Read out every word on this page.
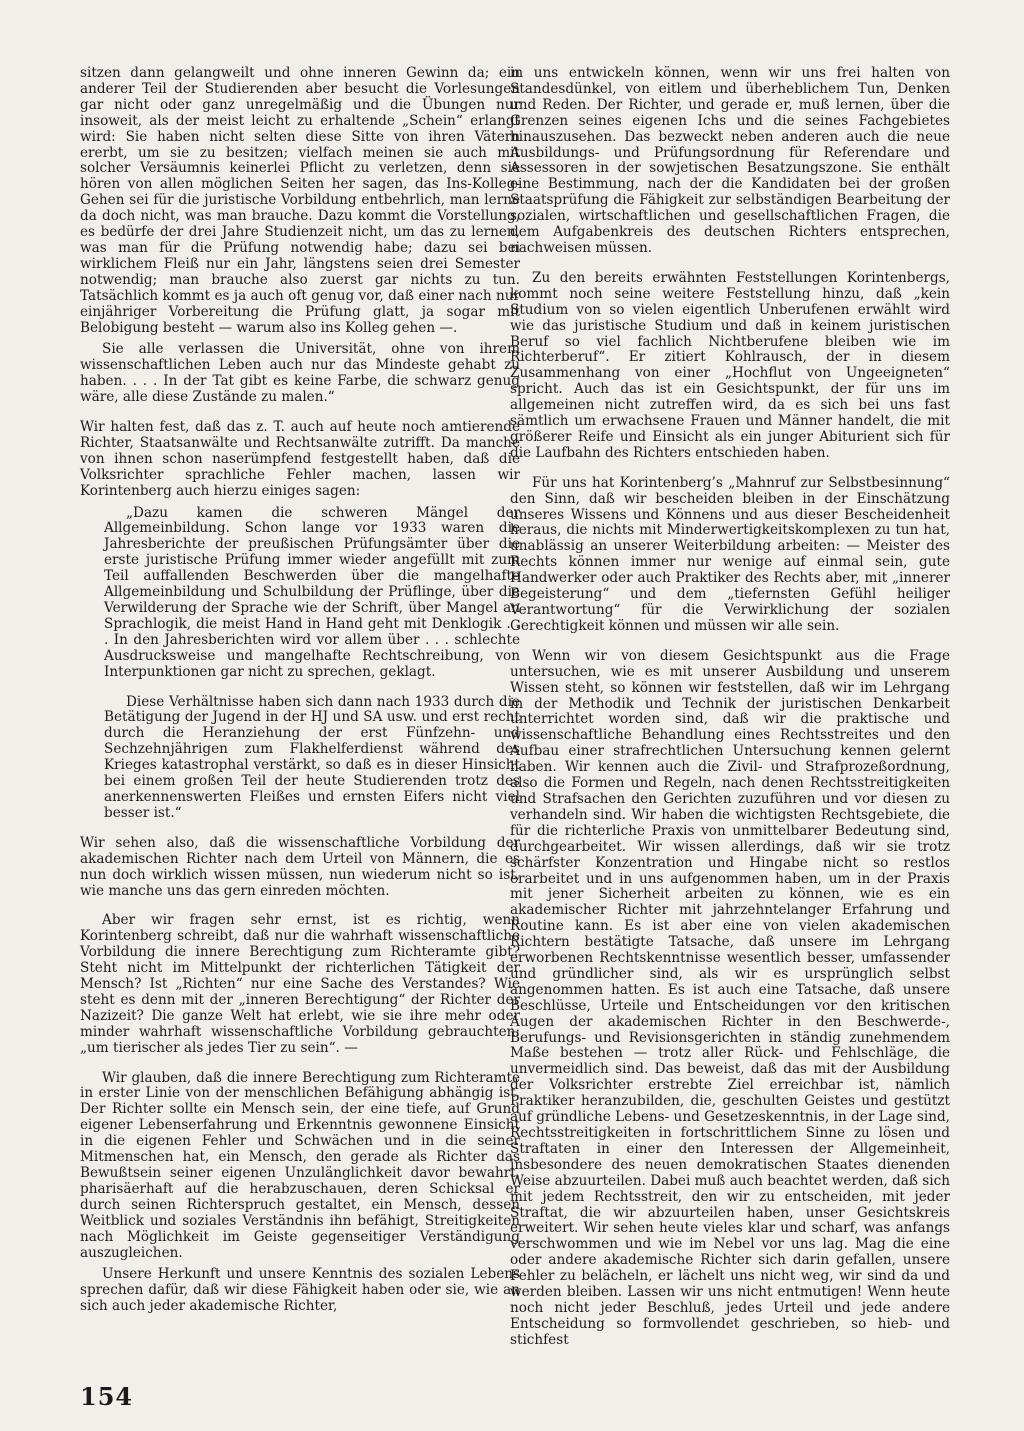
sitzen dann gelangweilt und ohne inneren Gewinn da; ein anderer Teil der Studierenden aber besucht die Vorlesungen gar nicht oder ganz unregelmäßig und die Übungen nur insoweit, als der meist leicht zu erhaltende „Schein“ erlangt wird: Sie haben nicht selten diese Sitte von ihren Vätern ererbt, um sie zu besitzen; vielfach meinen sie auch mit solcher Versäumnis keinerlei Pflicht zu verletzen, denn sie hören von allen möglichen Seiten her sagen, das Ins-Kolleg-Gehen sei für die juristische Vorbildung entbehrlich, man lerne da doch nicht, was man brauche. Dazu kommt die Vorstellung, es bedürfe der drei Jahre Studienzeit nicht, um das zu lernen, was man für die Prüfung notwendig habe; dazu sei bei wirklichem Fleiß nur ein Jahr, längstens seien drei Semester notwendig; man brauche also zuerst gar nichts zu tun. Tatsächlich kommt es ja auch oft genug vor, daß einer nach nur einjähriger Vorbereitung die Prüfung glatt, ja sogar mit Belobigung besteht — warum also ins Kolleg gehen —.

Sie alle verlassen die Universität, ohne von ihrem wissenschaftlichen Leben auch nur das Mindeste gehabt zu haben. . . . In der Tat gibt es keine Farbe, die schwarz genug wäre, alle diese Zustände zu malen.“

Wir halten fest, daß das z. T. auch auf heute noch amtierende Richter, Staatsanwälte und Rechtsanwälte zutrifft. Da manche von ihnen schon naserümpfend festgestellt haben, daß die Volksrichter sprachliche Fehler machen, lassen wir Korintenberg auch hierzu einiges sagen:

„Dazu kamen die schweren Mängel der Allgemeinbildung. Schon lange vor 1933 waren die Jahresberichte der preußischen Prüfungsämter über die erste juristische Prüfung immer wieder angefüllt mit zum Teil auffallenden Beschwerden über die mangelhafte Allgemeinbildung und Schulbildung der Prüflinge, über die Verwilderung der Sprache wie der Schrift, über Mangel an Sprachlogik, die meist Hand in Hand geht mit Denklogik . . . In den Jahresberichten wird vor allem über . . . schlechte Ausdrucksweise und mangelhafte Rechtschreibung, von Interpunktionen gar nicht zu sprechen, geklagt.

Diese Verhältnisse haben sich dann nach 1933 durch die Betätigung der Jugend in der HJ und SA usw. und erst recht durch die Heranziehung der erst Fünfzehn- und Sechzehnjährigen zum Flakhelferdienst während des Krieges katastrophal verstärkt, so daß es in dieser Hinsicht bei einem großen Teil der heute Studierenden trotz des anerkennenswerten Fleißes und ernsten Eifers nicht viel besser ist.“

Wir sehen also, daß die wissenschaftliche Vorbildung der akademischen Richter nach dem Urteil von Männern, die es nun doch wirklich wissen müssen, nun wiederum nicht so ist, wie manche uns das gern einreden möchten.

Aber wir fragen sehr ernst, ist es richtig, wenn Korintenberg schreibt, daß nur die wahrhaft wissenschaftliche Vorbildung die innere Berechtigung zum Richteramte gibt? Steht nicht im Mittelpunkt der richterlichen Tätigkeit der Mensch? Ist „Richten“ nur eine Sache des Verstandes? Wie steht es denn mit der „inneren Berechtigung“ der Richter der Nazizeit? Die ganze Welt hat erlebt, wie sie ihre mehr oder minder wahrhaft wissenschaftliche Vorbildung gebrauchten: „um tierischer als jedes Tier zu sein“. —

Wir glauben, daß die innere Berechtigung zum Richteramte in erster Linie von der menschlichen Befähigung abhängig ist. Der Richter sollte ein Mensch sein, der eine tiefe, auf Grund eigener Lebenserfahrung und Erkenntnis gewonnene Einsicht in die eigenen Fehler und Schwächen und in die seiner Mitmenschen hat, ein Mensch, den gerade als Richter das Bewußtsein seiner eigenen Unzulänglichkeit davor bewahrt, pharisäerhaft auf die herabzuschauen, deren Schicksal er durch seinen Richterspruch gestaltet, ein Mensch, dessen Weitblick und soziales Verständnis ihn befähigt, Streitigkeiten nach Möglichkeit im Geiste gegenseitiger Verständigung auszugleichen.

Unsere Herkunft und unsere Kenntnis des sozialen Lebens sprechen dafür, daß wir diese Fähigkeit haben oder sie, wie an sich auch jeder akademische Richter,

in uns entwickeln können, wenn wir uns frei halten von Standesdünkel, von eitlem und überheblichem Tun, Denken und Reden. Der Richter, und gerade er, muß lernen, über die Grenzen seines eigenen Ichs und die seines Fachgebietes hinauszusehen. Das bezweckt neben anderen auch die neue Ausbildungs- und Prüfungsordnung für Referendare und Assessoren in der sowjetischen Besatzungszone. Sie enthält eine Bestimmung, nach der die Kandidaten bei der großen Staatsprüfung die Fähigkeit zur selbständigen Bearbeitung der sozialen, wirtschaftlichen und gesellschaftlichen Fragen, die dem Aufgabenkreis des deutschen Richters entsprechen, nachweisen müssen.

Zu den bereits erwähnten Feststellungen Korintenbergs, kommt noch seine weitere Feststellung hinzu, daß „kein Studium von so vielen eigentlich Unberufenen erwählt wird wie das juristische Studium und daß in keinem juristischen Beruf so viel fachlich Nichtberufene bleiben wie im Richterberuf“. Er zitiert Kohlrausch, der in diesem Zusammenhang von einer „Hochflut von Ungeeigneten“ spricht. Auch das ist ein Gesichtspunkt, der für uns im allgemeinen nicht zutreffen wird, da es sich bei uns fast sämtlich um erwachsene Frauen und Männer handelt, die mit größerer Reife und Einsicht als ein junger Abiturient sich für die Laufbahn des Richters entschieden haben.

Für uns hat Korintenberg’s „Mahnruf zur Selbstbesinnung“ den Sinn, daß wir bescheiden bleiben in der Einschätzung unseres Wissens und Könnens und aus dieser Bescheidenheit heraus, die nichts mit Minderwertigkeitskomplexen zu tun hat, unablässig an unserer Weiterbildung arbeiten: — Meister des Rechts können immer nur wenige auf einmal sein, gute Handwerker oder auch Praktiker des Rechts aber, mit „innerer Begeisterung“ und dem „tiefernsten Gefühl heiliger Verantwortung“ für die Verwirklichung der sozialen Gerechtigkeit können und müssen wir alle sein.

Wenn wir von diesem Gesichtspunkt aus die Frage untersuchen, wie es mit unserer Ausbildung und unserem Wissen steht, so können wir feststellen, daß wir im Lehrgang in der Methodik und Technik der juristischen Denkarbeit unterrichtet worden sind, daß wir die praktische und wissenschaftliche Behandlung eines Rechtsstreites und den Aufbau einer strafrechtlichen Untersuchung kennen gelernt haben. Wir kennen auch die Zivil- und Strafprozeßordnung, also die Formen und Regeln, nach denen Rechtsstreitigkeiten und Strafsachen den Gerichten zuzuführen und vor diesen zu verhandeln sind. Wir haben die wichtigsten Rechtsgebiete, die für die richterliche Praxis von unmittelbarer Bedeutung sind, durchgearbeitet. Wir wissen allerdings, daß wir sie trotz schärfster Konzentration und Hingabe nicht so restlos erarbeitet und in uns aufgenommen haben, um in der Praxis mit jener Sicherheit arbeiten zu können, wie es ein akademischer Richter mit jahrzehntelanger Erfahrung und Routine kann. Es ist aber eine von vielen akademischen Richtern bestätigte Tatsache, daß unsere im Lehrgang erworbenen Rechtskenntnisse wesentlich besser, umfassender und gründlicher sind, als wir es ursprünglich selbst angenommen hatten. Es ist auch eine Tatsache, daß unsere Beschlüsse, Urteile und Entscheidungen vor den kritischen Augen der akademischen Richter in den Beschwerde-, Berufungs- und Revisionsgerichten in ständig zunehmendem Maße bestehen — trotz aller Rück- und Fehlschläge, die unvermeidlich sind. Das beweist, daß das mit der Ausbildung der Volksrichter erstrebte Ziel erreichbar ist, nämlich Praktiker heranzubilden, die, geschulten Geistes und gestützt auf gründliche Lebens- und Gesetzeskenntnis, in der Lage sind, Rechtsstreitigkeiten in fortschrittlichem Sinne zu lösen und Straftaten in einer den Interessen der Allgemeinheit, insbesondere des neuen demokratischen Staates dienenden Weise abzuurteilen. Dabei muß auch beachtet werden, daß sich mit jedem Rechtsstreit, den wir zu entscheiden, mit jeder Straftat, die wir abzuurteilen haben, unser Gesichtskreis erweitert. Wir sehen heute vieles klar und scharf, was anfangs verschwommen und wie im Nebel vor uns lag. Mag die eine oder andere akademische Richter sich darin gefallen, unsere Fehler zu belächeln, er lächelt uns nicht weg, wir sind da und werden bleiben. Lassen wir uns nicht entmutigen! Wenn heute noch nicht jeder Beschluß, jedes Urteil und jede andere Entscheidung so formvollendet geschrieben, so hieb- und stichfest

154
